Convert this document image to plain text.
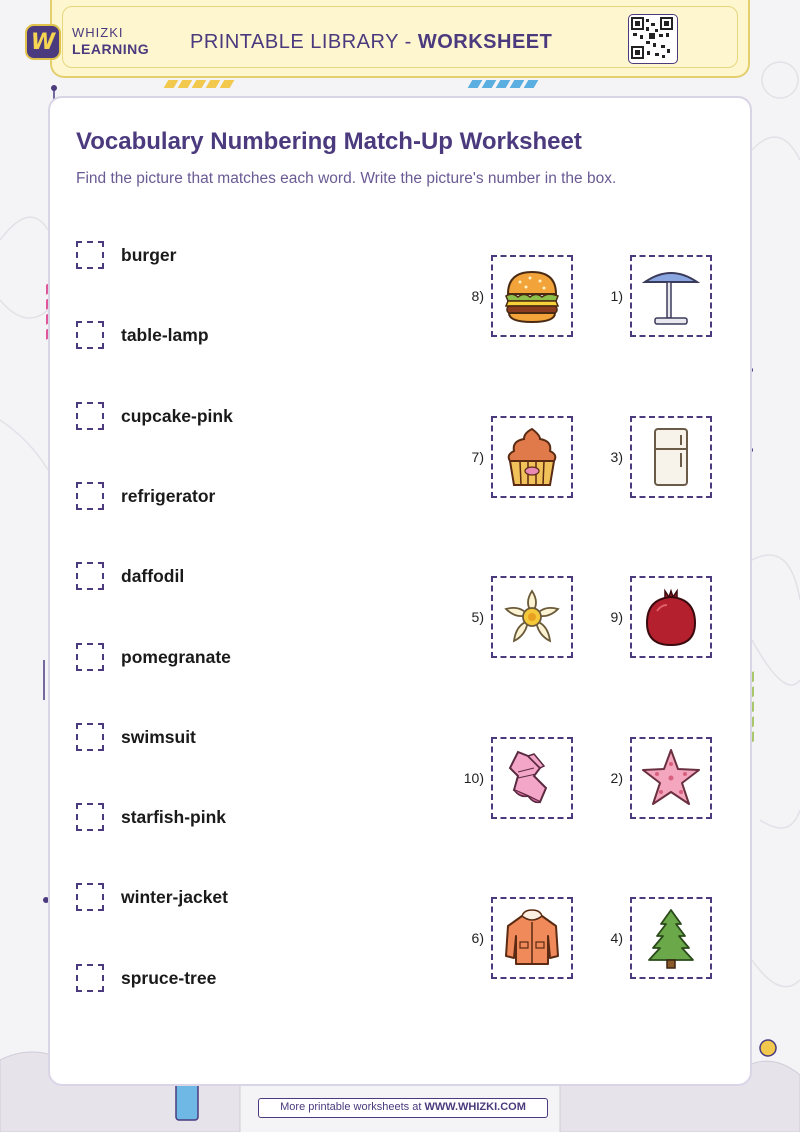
W	WHIZKI
LEARNING PRINTABLE LIBRARY - WORKSHEET
Vocabulary Numbering Match-Up Worksheet
Find the picture that matches each word. Write the picture's number in the box.
burger
table-lamp
cupcake-pink
refrigerator
daffodil
pomegranate
swimsuit
starfish-pink
winter-jacket
spruce-tree
8)	1)
7)	3)
5)	9)
10)	2)
6)	4)
More printable worksheets at WWW.WHIZKI.COM
